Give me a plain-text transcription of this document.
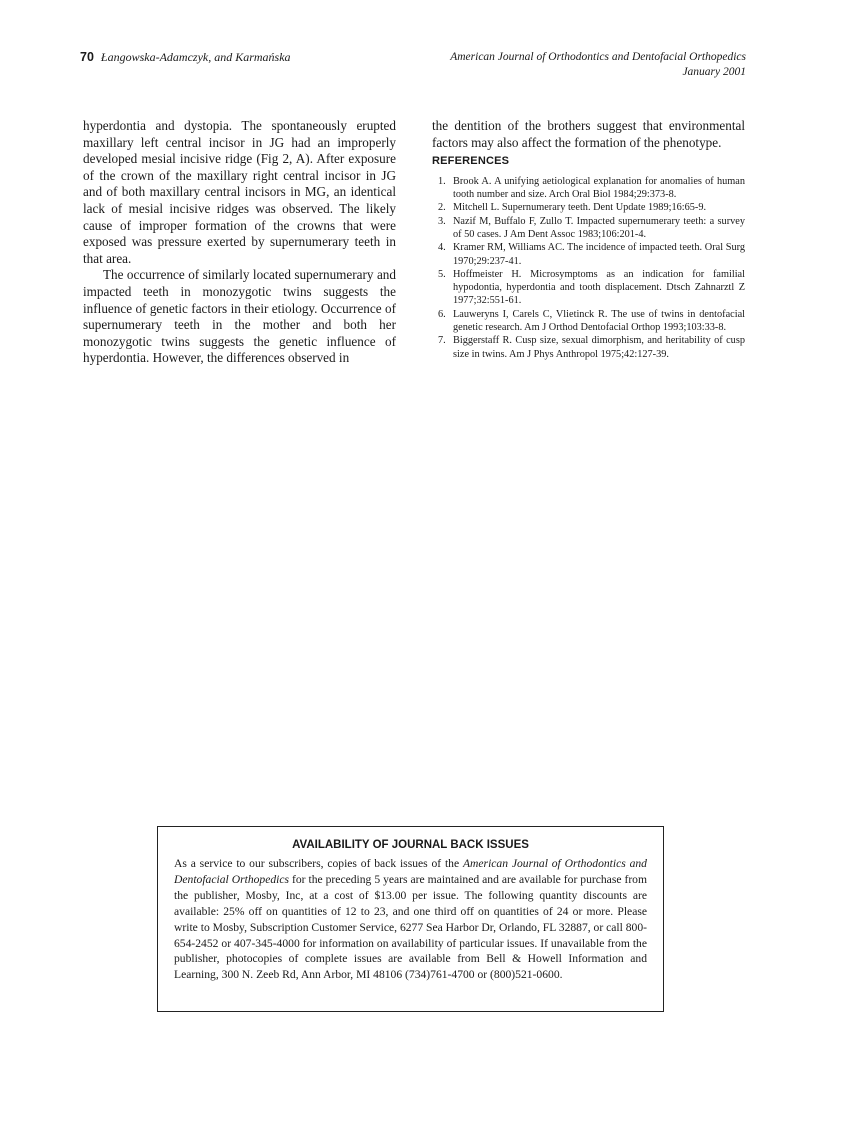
70 Łangowska-Adamczyk, and Karmańska	American Journal of Orthodontics and Dentofacial Orthopedics
January 2001

hyperdontia and dystopia. The spontaneously erupted maxillary left central incisor in JG had an improperly developed mesial incisive ridge (Fig 2, A). After exposure of the crown of the maxillary right central incisor in JG and of both maxillary central incisors in MG, an identical lack of mesial incisive ridges was observed. The likely cause of improper formation of the crowns that were exposed was pressure exerted by supernumerary teeth in that area.

The occurrence of similarly located supernumerary and impacted teeth in monozygotic twins suggests the influence of genetic factors in their etiology. Occurrence of supernumerary teeth in the mother and both her monozygotic twins suggests the genetic influence of hyperdontia. However, the differences observed in

the dentition of the brothers suggest that environmental factors may also affect the formation of the phenotype.

REFERENCES
1. Brook A. A unifying aetiological explanation for anomalies of human tooth number and size. Arch Oral Biol 1984;29:373-8.
2. Mitchell L. Supernumerary teeth. Dent Update 1989;16:65-9.
3. Nazif M, Buffalo F, Zullo T. Impacted supernumerary teeth: a survey of 50 cases. J Am Dent Assoc 1983;106:201-4.
4. Kramer RM, Williams AC. The incidence of impacted teeth. Oral Surg 1970;29:237-41.
5. Hoffmeister H. Microsymptoms as an indication for familial hypodontia, hyperdontia and tooth displacement. Dtsch Zahnarztl Z 1977;32:551-61.
6. Lauweryns I, Carels C, Vlietinck R. The use of twins in dentofacial genetic research. Am J Orthod Dentofacial Orthop 1993;103:33-8.
7. Biggerstaff R. Cusp size, sexual dimorphism, and heritability of cusp size in twins. Am J Phys Anthropol 1975;42:127-39.
AVAILABILITY OF JOURNAL BACK ISSUES
As a service to our subscribers, copies of back issues of the American Journal of Orthodontics and Dentofacial Orthopedics for the preceding 5 years are maintained and are available for purchase from the publisher, Mosby, Inc, at a cost of $13.00 per issue. The following quantity discounts are available: 25% off on quantities of 12 to 23, and one third off on quantities of 24 or more. Please write to Mosby, Subscription Customer Service, 6277 Sea Harbor Dr, Orlando, FL 32887, or call 800-654-2452 or 407-345-4000 for information on availability of particular issues. If unavailable from the publisher, photocopies of complete issues are available from Bell & Howell Information and Learning, 300 N. Zeeb Rd, Ann Arbor, MI 48106 (734)761-4700 or (800)521-0600.
